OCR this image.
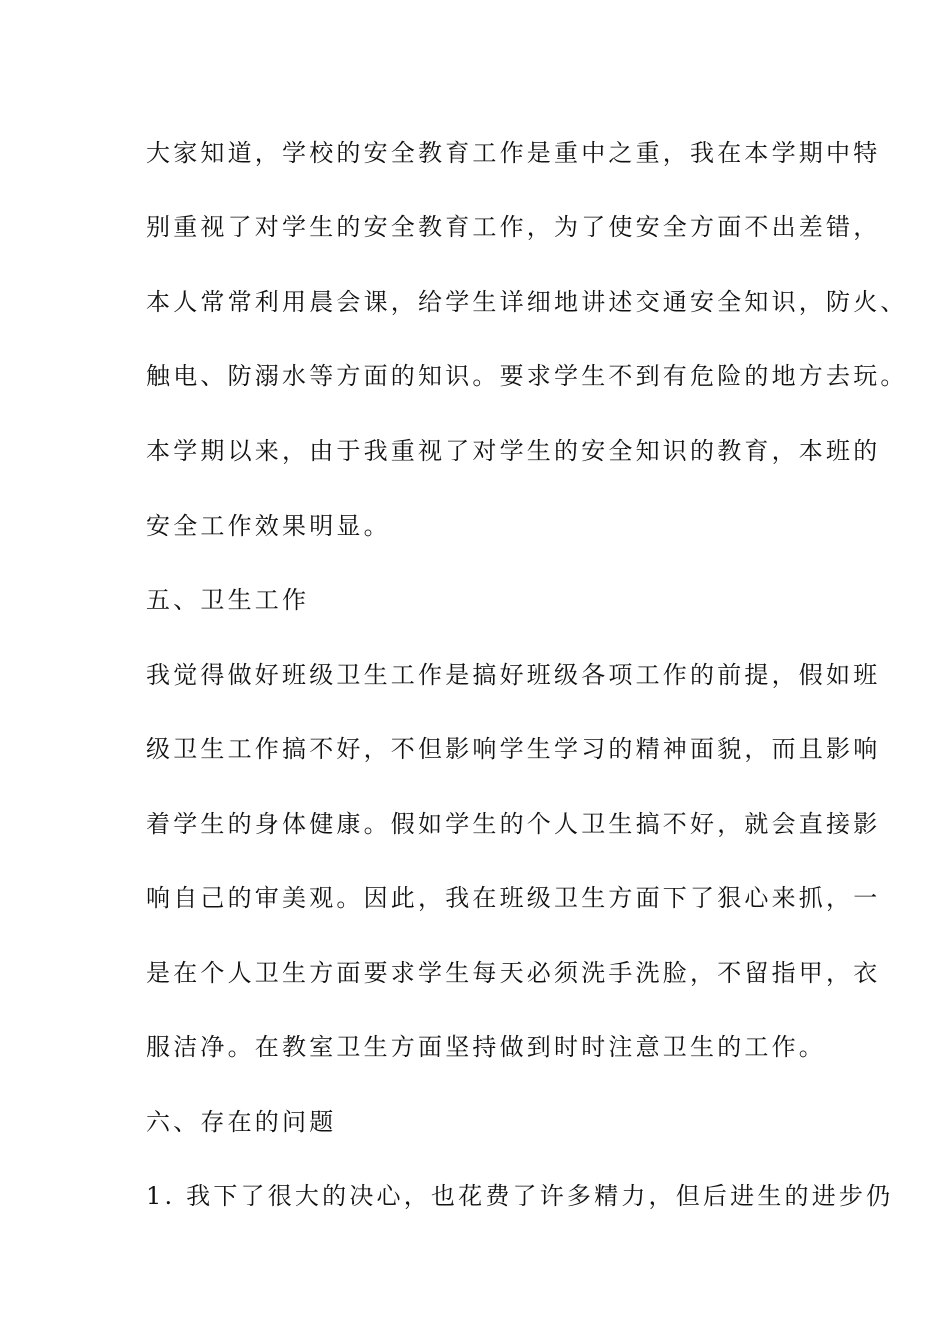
大家知道，学校的安全教育工作是重中之重，我在本学期中特
别重视了对学生的安全教育工作，为了使安全方面不出差错，
本人常常利用晨会课，给学生详细地讲述交通安全知识，防火、
触电、防溺水等方面的知识。要求学生不到有危险的地方去玩。
本学期以来，由于我重视了对学生的安全知识的教育，本班的
安全工作效果明显。
五、卫生工作
我觉得做好班级卫生工作是搞好班级各项工作的前提，假如班
级卫生工作搞不好，不但影响学生学习的精神面貌，而且影响
着学生的身体健康。假如学生的个人卫生搞不好，就会直接影
响自己的审美观。因此，我在班级卫生方面下了狠心来抓，一
是在个人卫生方面要求学生每天必须洗手洗脸，不留指甲，衣
服洁净。在教室卫生方面坚持做到时时注意卫生的工作。
六、存在的问题
1. 我下了很大的决心，也花费了许多精力，但后进生的进步仍
